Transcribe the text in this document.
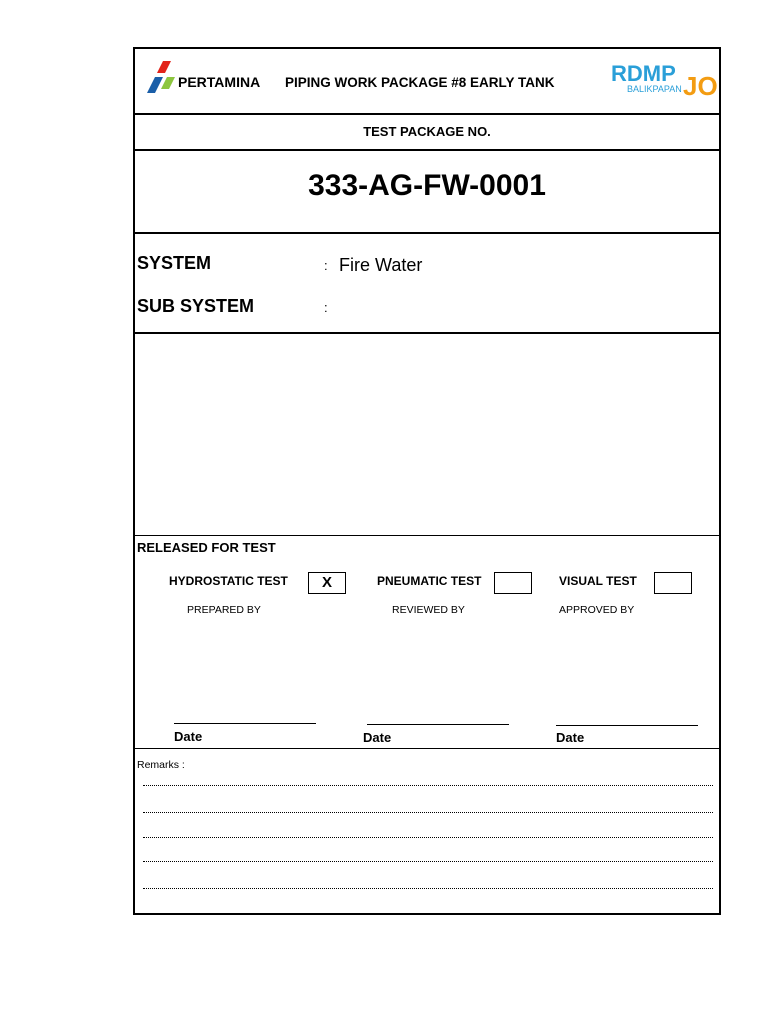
PERTAMINA PIPING WORK PACKAGE #8 EARLY TANK	RDMP
BALIKPAPAN JO
TEST PACKAGE NO.
333-AG-FW-0001
SYSTEM	: Fire Water
SUB SYSTEM	:
RELEASED FOR TEST
HYDROSTATIC TEST	X	PNEUMATIC TEST	VISUAL TEST
PREPARED BY	REVIEWED BY	APPROVED BY
Date	Date	Date
Remarks :
